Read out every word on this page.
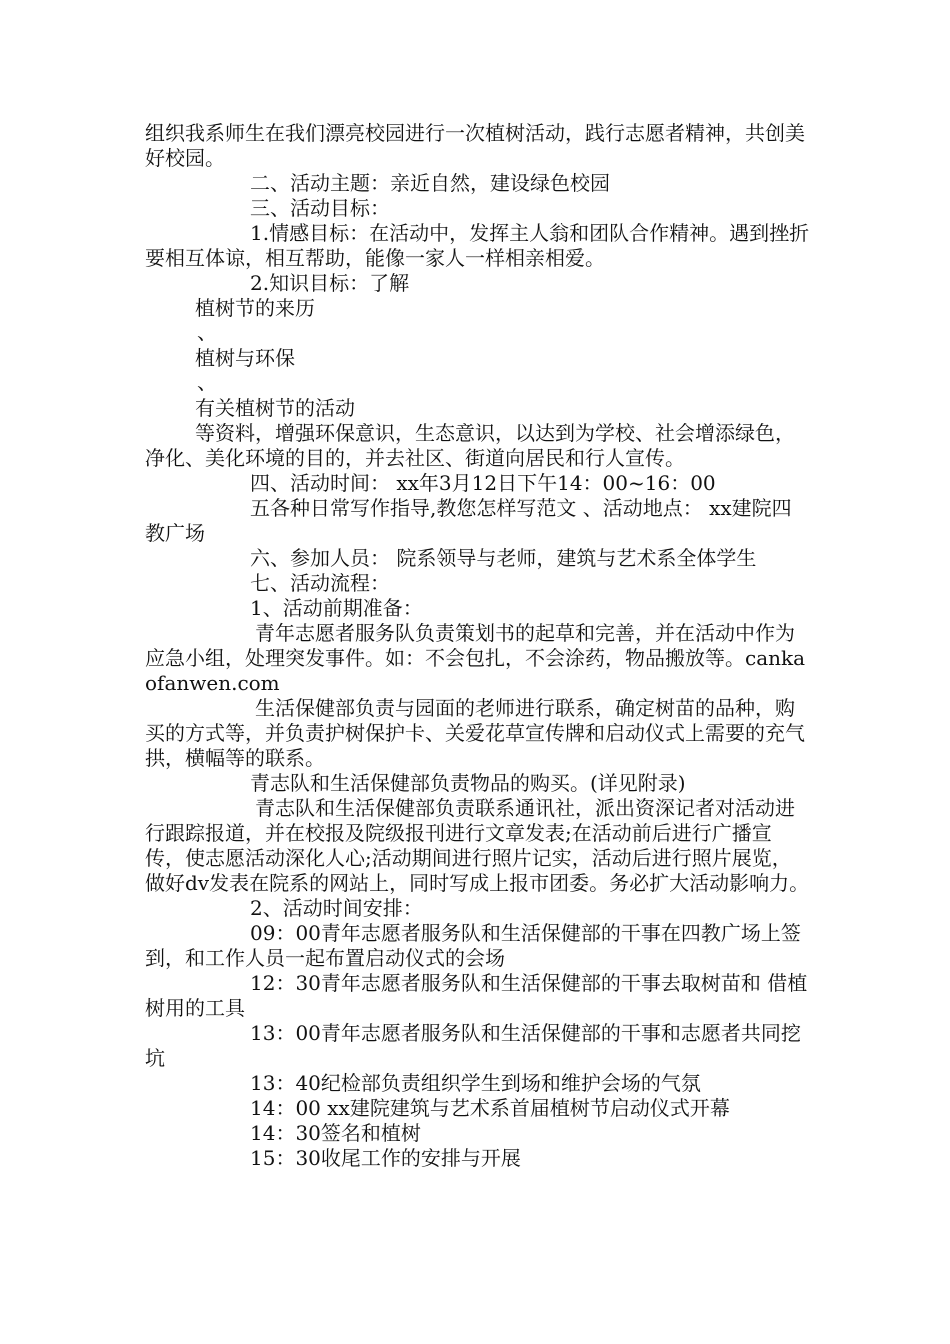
组织我系师生在我们漂亮校园进行一次植树活动，践行志愿者精神，共创美好校园。

二、活动主题：亲近自然，建设绿色校园

三、活动目标：

1.情感目标：在活动中，发挥主人翁和团队合作精神。遇到挫折要相互体谅，相互帮助，能像一家人一样相亲相爱。

2.知识目标：了解

植树节的来历

、

植树与环保

、

有关植树节的活动

等资料，增强环保意识，生态意识，以达到为学校、社会增添绿色，净化、美化环境的目的，并去社区、街道向居民和行人宣传。

四、活动时间： xx年3月12日下午14：00~16：00

五各种日常写作指导,教您怎样写范文 、活动地点： xx建院四教广场

六、参加人员： 院系领导与老师，建筑与艺术系全体学生

七、活动流程：

1、活动前期准备：

青年志愿者服务队负责策划书的起草和完善，并在活动中作为应急小组，处理突发事件。如：不会包扎，不会涂药，物品搬放等。cankaofanwen.com

生活保健部负责与园面的老师进行联系，确定树苗的品种，购买的方式等，并负责护树保护卡、关爱花草宣传牌和启动仪式上需要的充气拱，横幅等的联系。

青志队和生活保健部负责物品的购买。(详见附录)

青志队和生活保健部负责联系通讯社，派出资深记者对活动进行跟踪报道，并在校报及院级报刊进行文章发表;在活动前后进行广播宣传，使志愿活动深化人心;活动期间进行照片记实，活动后进行照片展览，做好dv发表在院系的网站上，同时写成上报市团委。务必扩大活动影响力。

2、活动时间安排：

09：00青年志愿者服务队和生活保健部的干事在四教广场上签到，和工作人员一起布置启动仪式的会场

12：30青年志愿者服务队和生活保健部的干事去取树苗和 借植树用的工具

13：00青年志愿者服务队和生活保健部的干事和志愿者共同挖坑

13：40纪检部负责组织学生到场和维护会场的气氛

14：00 xx建院建筑与艺术系首届植树节启动仪式开幕

14：30签名和植树

15：30收尾工作的安排与开展
